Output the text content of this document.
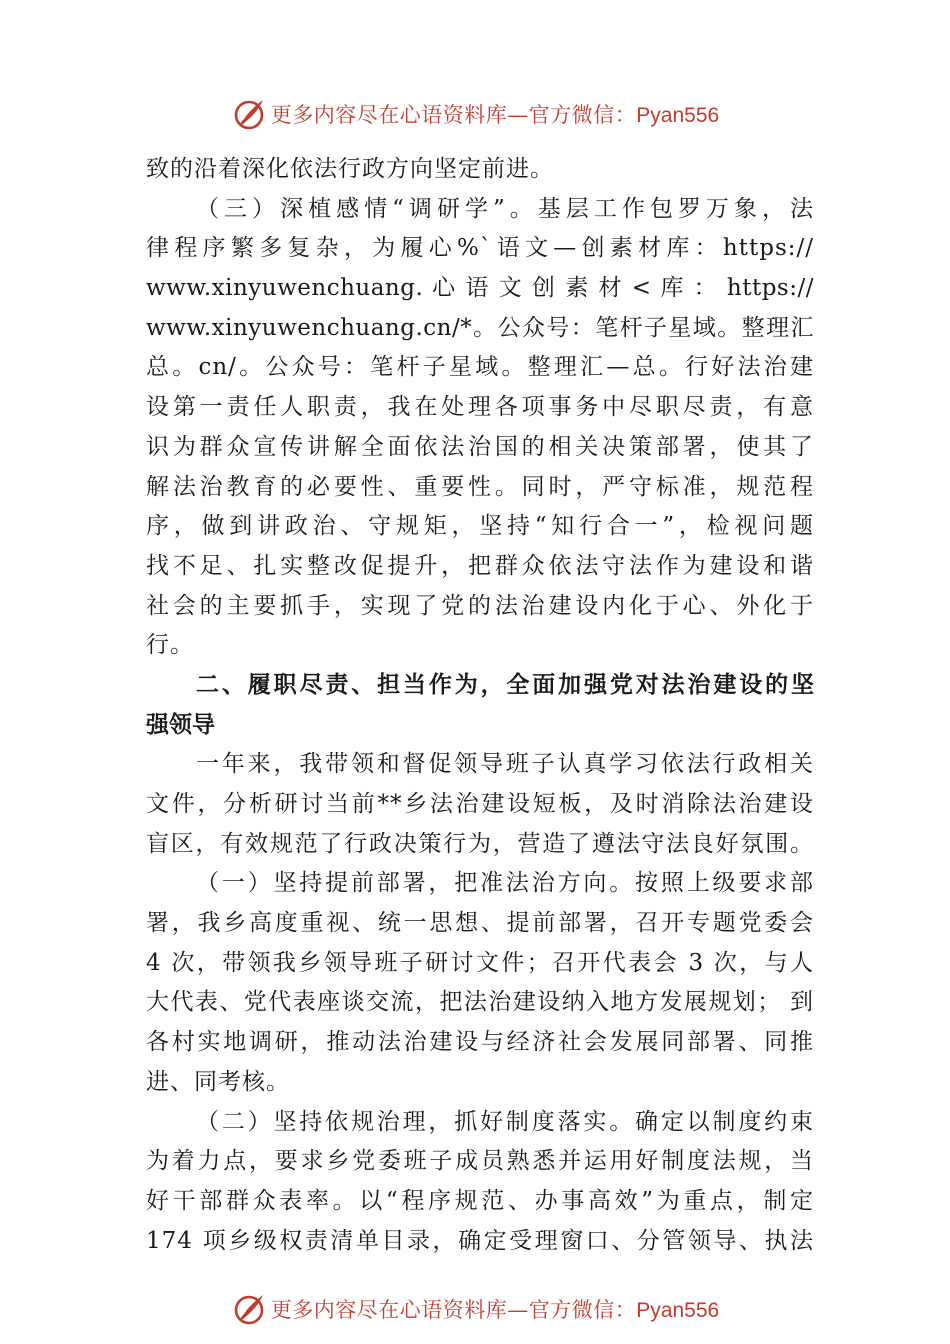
更多内容尽在心语资料库—官方微信：Pyan556
致的沿着深化依法行政方向坚定前进。
（三）深植感情“调研学”。基层工作包罗万象，法
律程序繁多复杂，为履心%`语文—创素材库：https://
www.xinyuwenchuang. 心 语 文 创 素 材 < 库 ： https://
www.xinyuwenchuang.cn/*。公众号：笔杆子星域。整理汇
总。cn/。公众号：笔杆子星域。整理汇—总。行好法治建
设第一责任人职责，我在处理各项事务中尽职尽责，有意
识为群众宣传讲解全面依法治国的相关决策部署，使其了
解法治教育的必要性、重要性。同时，严守标准，规范程
序，做到讲政治、守规矩，坚持“知行合一”，检视问题
找不足、扎实整改促提升，把群众依法守法作为建设和谐
社会的主要抓手，实现了党的法治建设内化于心、外化于
行。
二、履职尽责、担当作为，全面加强党对法治建设的坚
强领导
一年来，我带领和督促领导班子认真学习依法行政相关
文件，分析研讨当前**乡法治建设短板，及时消除法治建设
盲区，有效规范了行政决策行为，营造了遵法守法良好氛围。
（一）坚持提前部署，把准法治方向。按照上级要求部
署，我乡高度重视、统一思想、提前部署，召开专题党委会
4 次，带领我乡领导班子研讨文件；召开代表会 3 次，与人
大代表、党代表座谈交流，把法治建设纳入地方发展规划； 到
各村实地调研，推动法治建设与经济社会发展同部署、同推
进、同考核。
（二）坚持依规治理，抓好制度落实。确定以制度约束
为着力点，要求乡党委班子成员熟悉并运用好制度法规，当
好干部群众表率。以“程序规范、办事高效”为重点，制定
174 项乡级权责清单目录，确定受理窗口、分管领导、执法
更多内容尽在心语资料库—官方微信：Pyan556
